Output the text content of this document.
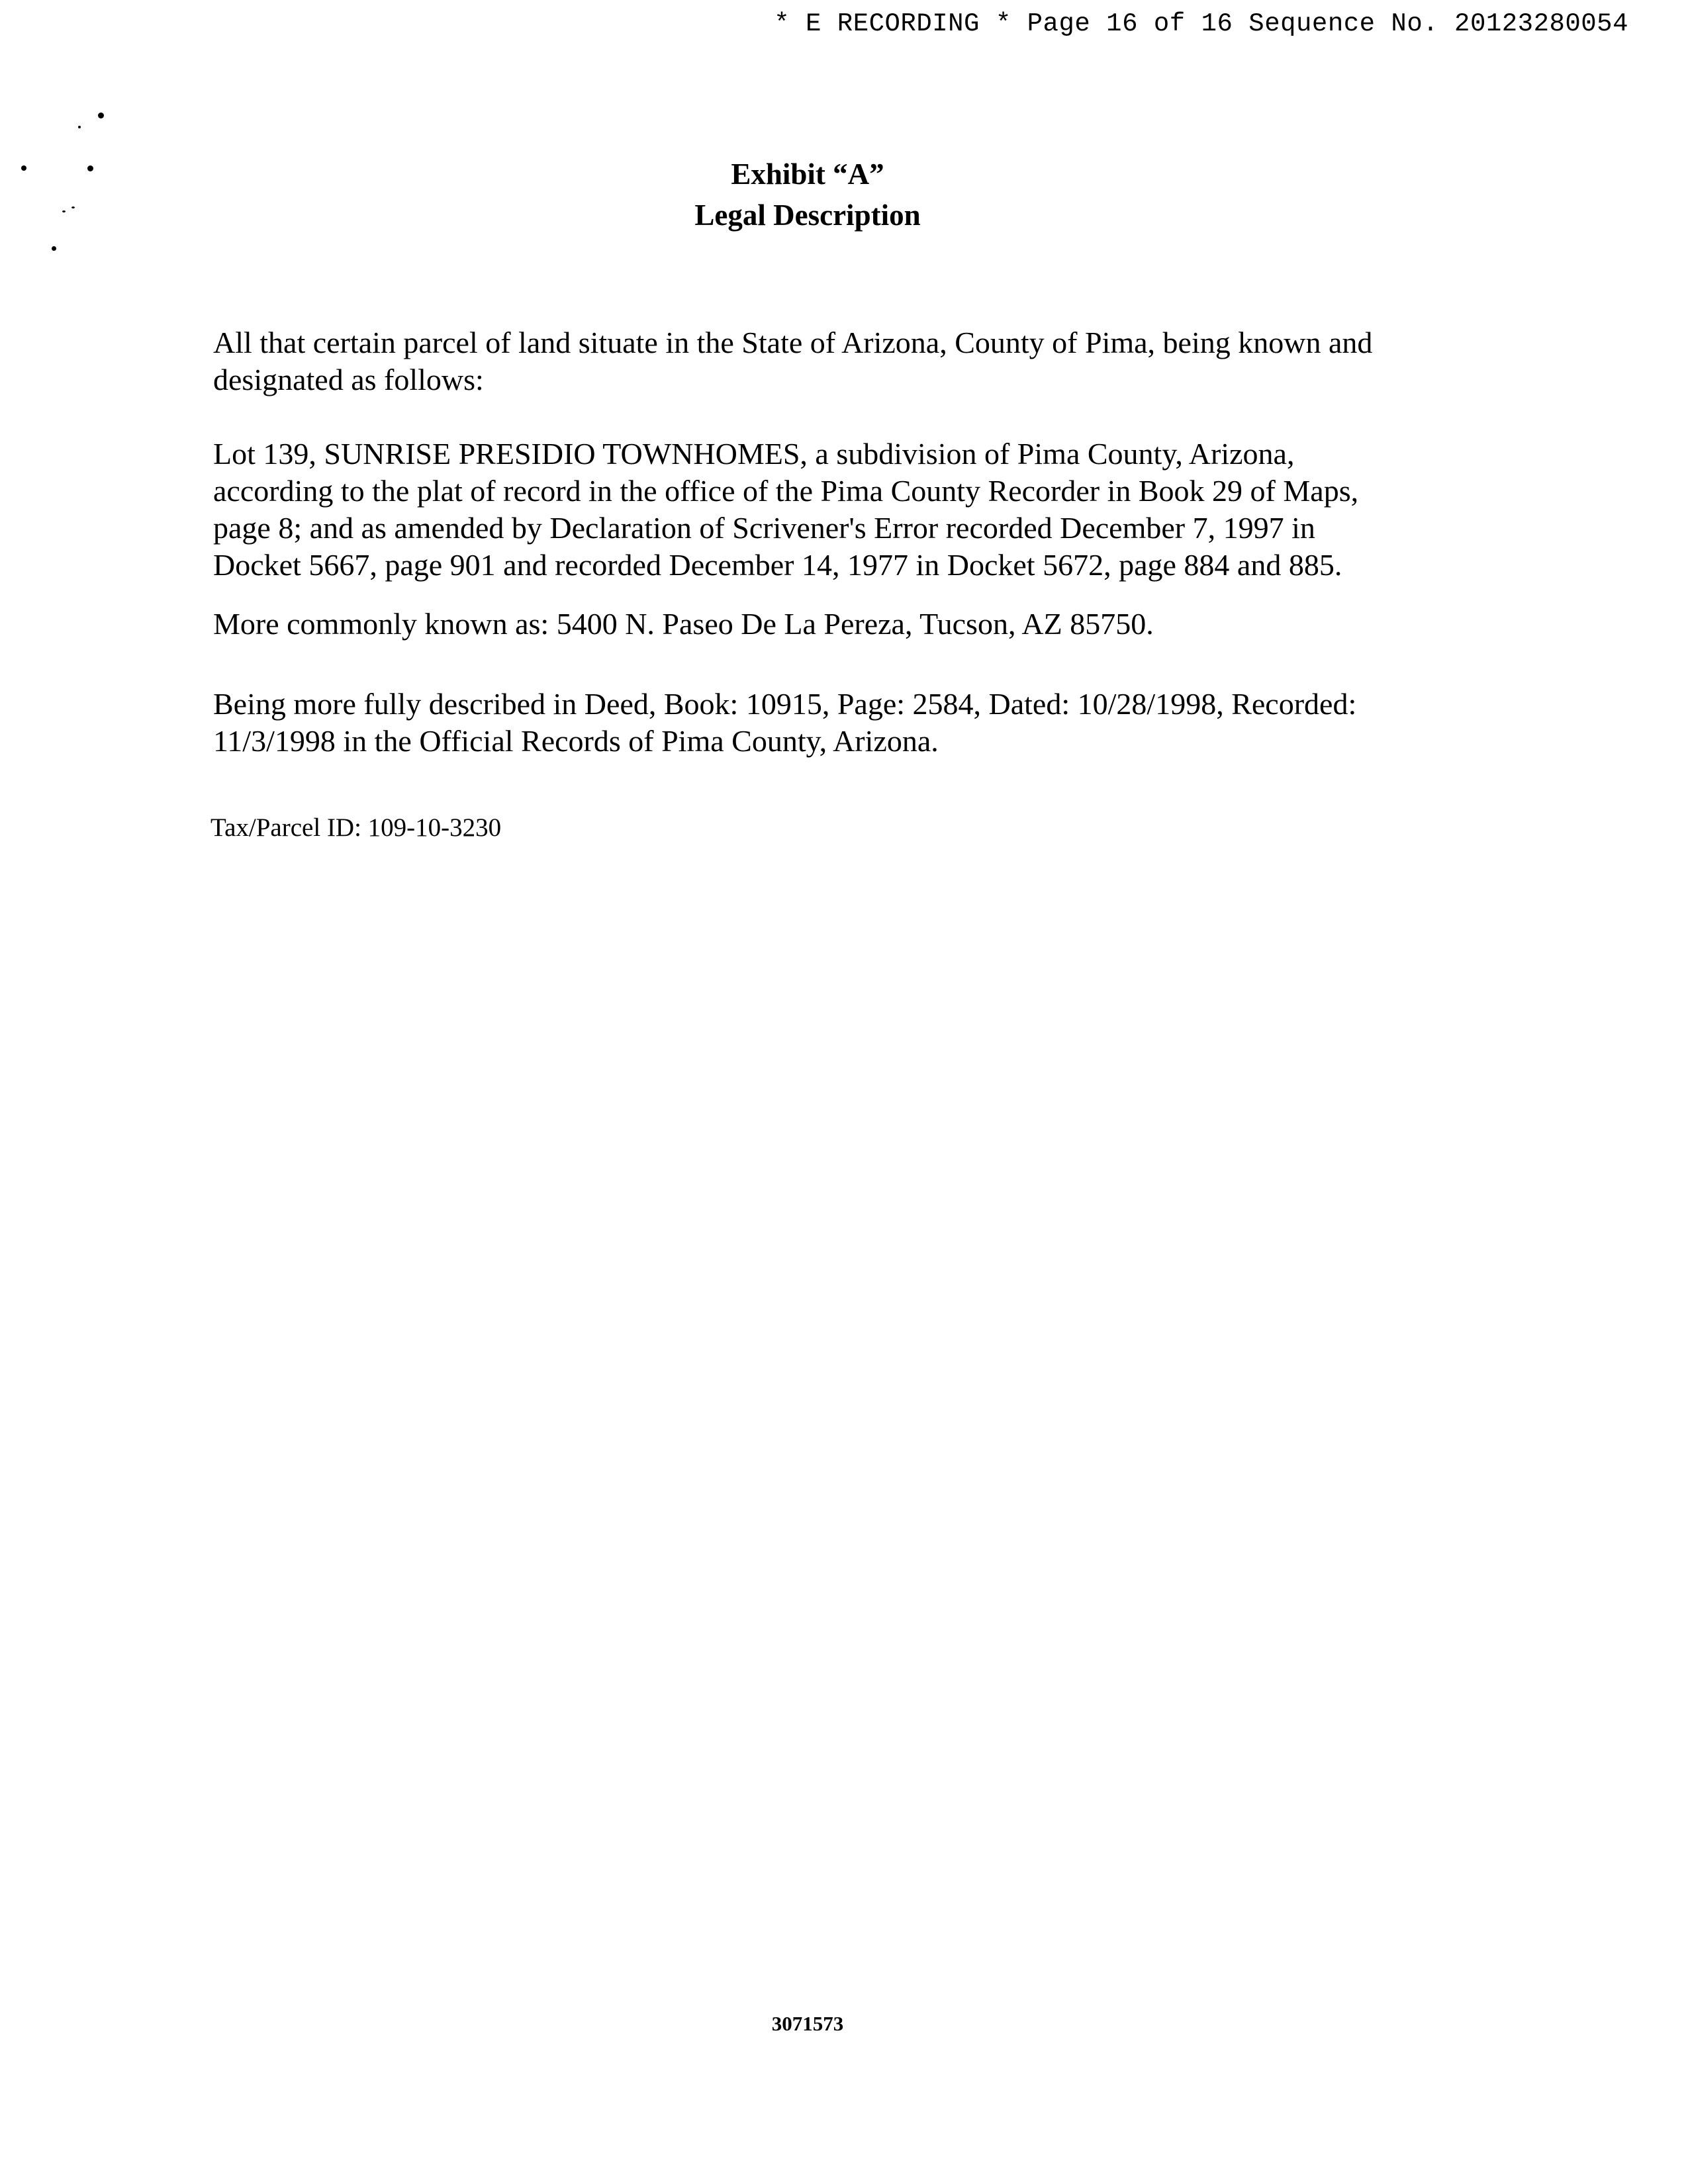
* E RECORDING * Page 16 of 16 Sequence No. 20123280054
Exhibit “A”
Legal Description

All that certain parcel of land situate in the State of Arizona, County of Pima, being known and designated as follows:

Lot 139, SUNRISE PRESIDIO TOWNHOMES, a subdivision of Pima County, Arizona, according to the plat of record in the office of the Pima County Recorder in Book 29 of Maps, page 8; and as amended by Declaration of Scrivener's Error recorded December 7, 1997 in Docket 5667, page 901 and recorded December 14, 1977 in Docket 5672, page 884 and 885.

More commonly known as: 5400 N. Paseo De La Pereza, Tucson, AZ 85750.

Being more fully described in Deed, Book: 10915, Page: 2584, Dated: 10/28/1998, Recorded: 11/3/1998 in the Official Records of Pima County, Arizona.

Tax/Parcel ID: 109-10-3230
3071573
